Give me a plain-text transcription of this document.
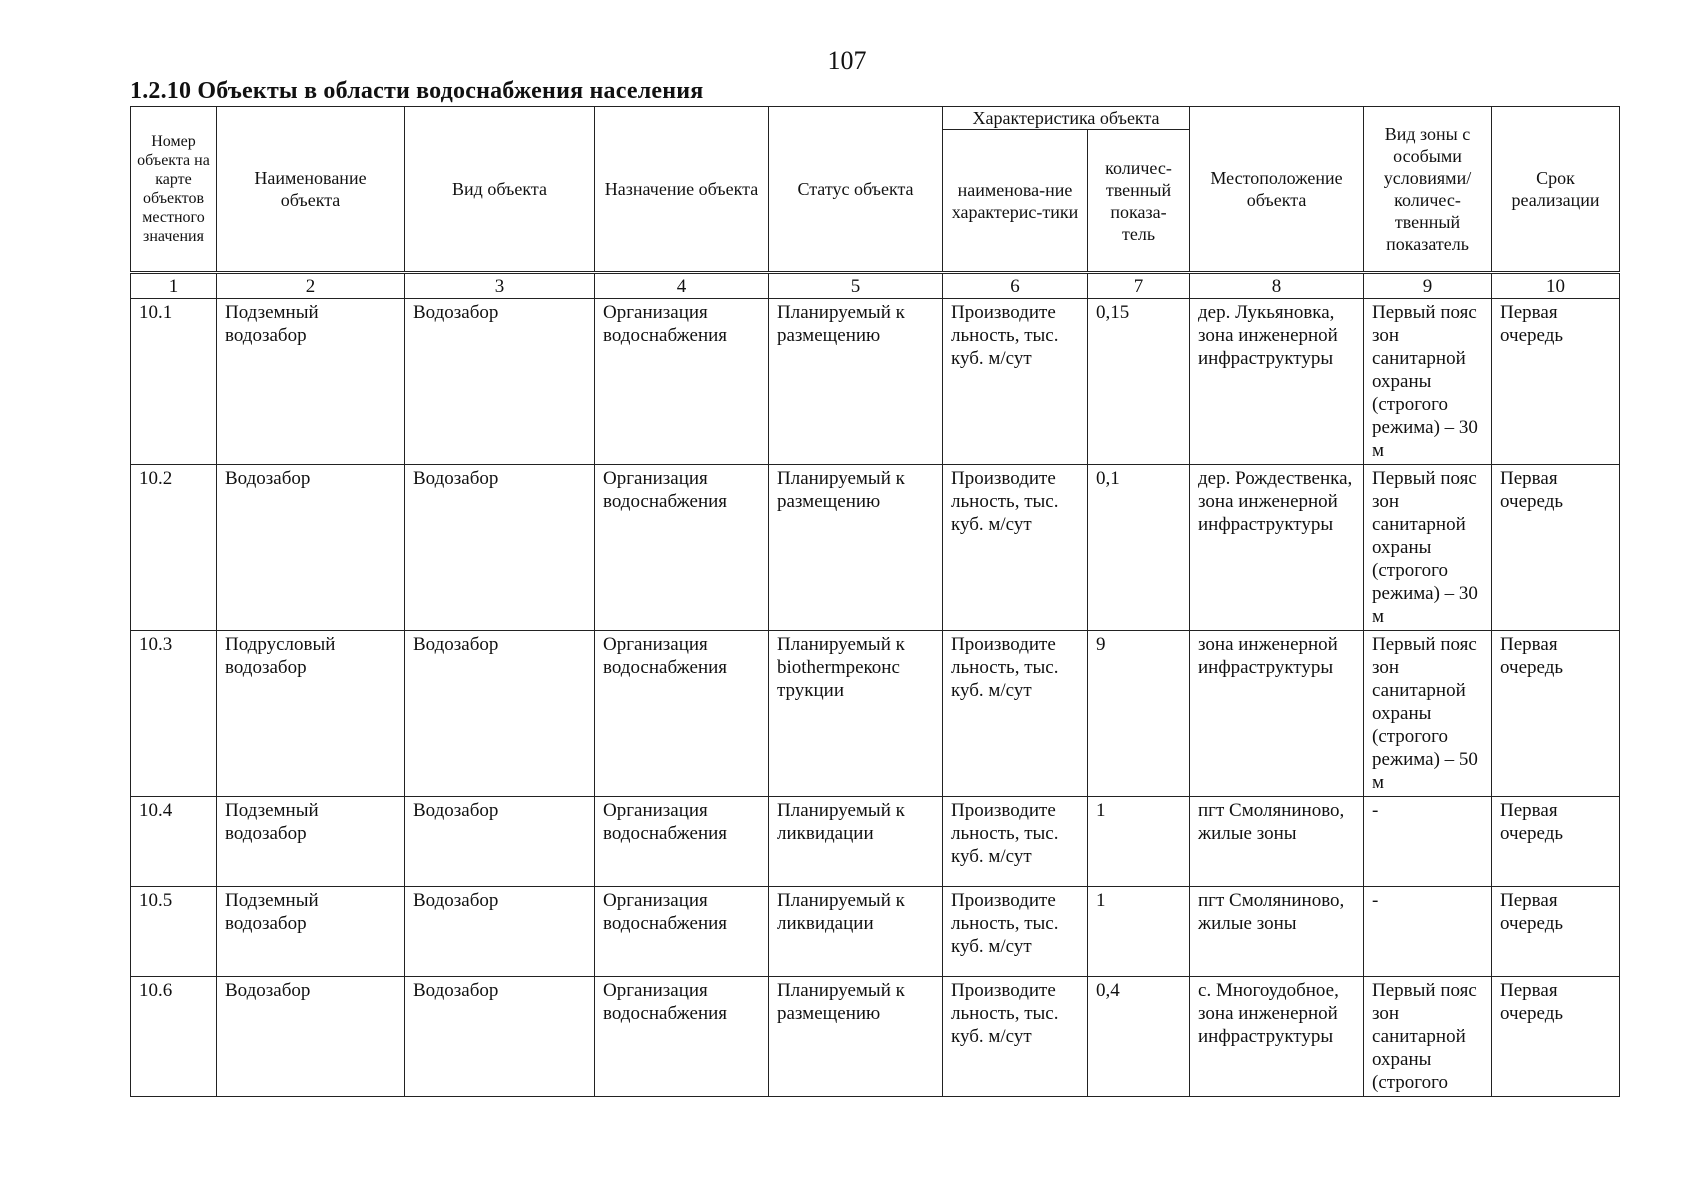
107
1.2.10 Объекты в области водоснабжения населения
Номер объекта на карте объектов местного значения	Наименование объекта	Вид объекта	Назначение объекта	Статус объекта	Характеристика объекта		Местоположение объекта	Вид зоны с особыми условиями/ количес-твенный показатель	Срок реализации
					наименова-ние характерис-тики	количес-твенный показа-тель			
1	2	3	4	5	6	7	8	9	10
10.1	Подземный водозабор	Водозабор	Организация водоснабжения	Планируемый к размещению	Производите льность, тыс. куб. м/сут	0,15	дер. Лукьяновка, зона инженерной инфраструктуры	Первый пояс зон санитарной охраны (строгого режима) – 30 м	Первая очередь
10.2	Водозабор	Водозабор	Организация водоснабжения	Планируемый к размещению	Производите льность, тыс. куб. м/сут	0,1	дер. Рождественка, зона инженерной инфраструктуры	Первый пояс зон санитарной охраны (строгого режима) – 30 м	Первая очередь
10.3	Подрусловый водозабор	Водозабор	Организация водоснабжения	Планируемый к biothermреконс трукции	Производите льность, тыс. куб. м/сут	9	зона инженерной инфраструктуры	Первый пояс зон санитарной охраны (строгого режима) – 50 м	Первая очередь
10.4	Подземный водозабор	Водозабор	Организация водоснабжения	Планируемый к ликвидации	Производите льность, тыс. куб. м/сут	1	пгт Смоляниново, жилые зоны	-	Первая очередь
10.5	Подземный водозабор	Водозабор	Организация водоснабжения	Планируемый к ликвидации	Производите льность, тыс. куб. м/сут	1	пгт Смоляниново, жилые зоны	-	Первая очередь
10.6	Водозабор	Водозабор	Организация водоснабжения	Планируемый к размещению	Производите льность, тыс. куб. м/сут	0,4	с. Многоудобное, зона инженерной инфраструктуры	Первый пояс зон санитарной охраны (строгого	Первая очередь
